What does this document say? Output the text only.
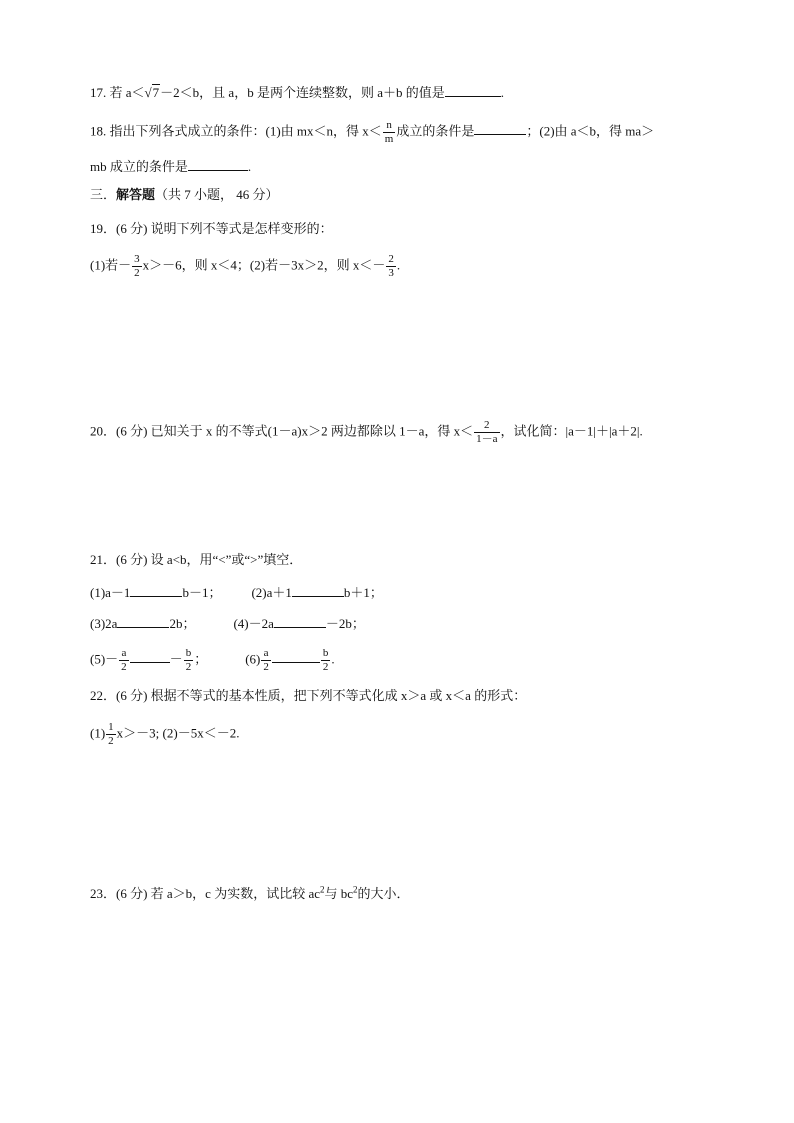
17. 若 a＜√7－2＜b，且 a，b 是两个连续整数，则 a＋b 的值是	.
18. 指出下列各式成立的条件：(1)由 mx＜n，得 $x< \frac{n}{m}$ 成立的条件是	；(2)由 a＜b，得 ma＞
mb 成立的条件是	.
三．解答题（共 7 小题， 46 分）
19．(6 分) 说明下列不等式是怎样变形的：
(1)若－ $\frac{3}{2} x>-6$，则 x＜4；(2)若－3x＞2，则 $x<- \frac{2}{3}$ .
20．(6 分) 已知关于 x 的不等式(1－a)x＞2 两边都除以 1－a，得 $x< \frac{2}{1-a}$ ，试化简：|a－1|＋|a＋2|.
21．(6 分) 设 a<b，用“<”或“>”填空．
(1)a－1	b－1； (2)a＋1	b＋1；
(3)2a	2b；	(4)－2a	－2b；
$(5)- \frac{a}{2}$	－ $\frac{b}{2}$ ；	$(6) \frac{a}{2}$	$\frac{b}{2}$ .
22．(6 分) 根据不等式的基本性质，把下列不等式化成 x＞a 或 x＜a 的形式：
$(1) \frac{1}{2} x>-3$; (2)－5x＜－2.
23．(6 分) 若 a＞b，c 为实数，试比较 $ac^2$与 $bc^2$的大小．
